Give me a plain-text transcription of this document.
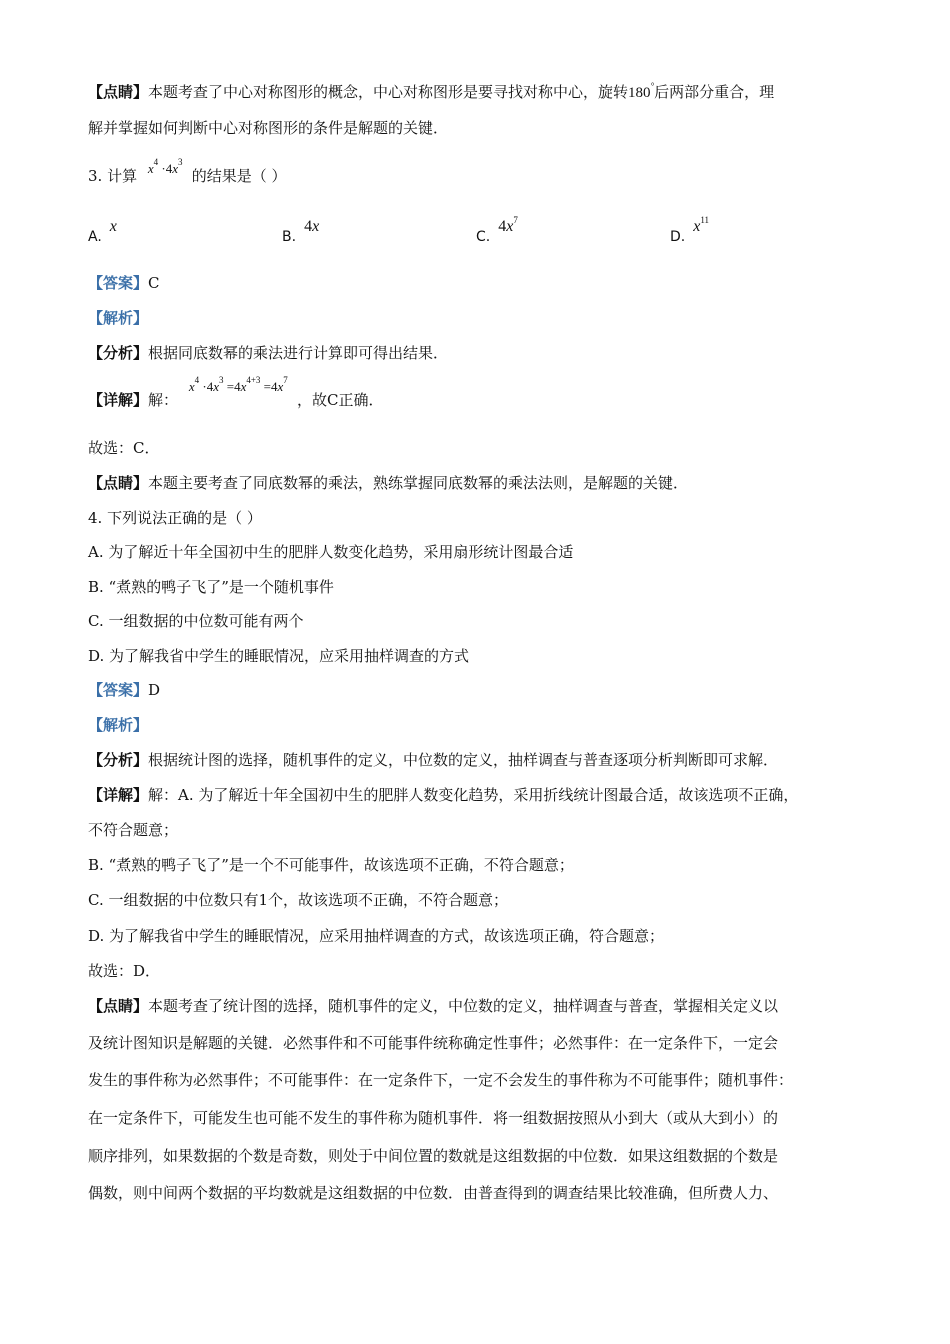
【点睛】本题考查了中心对称图形的概念，中心对称图形是要寻找对称中心，旋转180°后两部分重合，理
解并掌握如何判断中心对称图形的条件是解题的关键．
3. 计算 $x^4 \cdot 4x^3$ 的结果是（ ）
A.x
B.4x
$C.4x^7$
$D.x^{11}$
【答案】C
【解析】
【分析】根据同底数幂的乘法进行计算即可得出结果．
【详解】解： $x^4 \cdot 4x^3 =4x^{4+3} =4x^7$ ，故C正确．
故选：C．
【点睛】本题主要考查了同底数幂的乘法，熟练掌握同底数幂的乘法法则，是解题的关键．
4. 下列说法正确的是（ ）
A. 为了解近十年全国初中生的肥胖人数变化趋势，采用扇形统计图最合适
B. “煮熟的鸭子飞了”是一个随机事件
C. 一组数据的中位数可能有两个
D. 为了解我省中学生的睡眠情况，应采用抽样调查的方式
【答案】D
【解析】
【分析】根据统计图的选择，随机事件的定义，中位数的定义，抽样调查与普查逐项分析判断即可求解．
【详解】解：A. 为了解近十年全国初中生的肥胖人数变化趋势，采用折线统计图最合适，故该选项不正确，
不符合题意；
B. “煮熟的鸭子飞了”是一个不可能事件，故该选项不正确，不符合题意；
C. 一组数据的中位数只有1个，故该选项不正确，不符合题意；
D. 为了解我省中学生的睡眠情况，应采用抽样调查的方式，故该选项正确，符合题意；
故选：D．
【点睛】本题考查了统计图的选择，随机事件的定义，中位数的定义，抽样调查与普查，掌握相关定义以
及统计图知识是解题的关键．必然事件和不可能事件统称确定性事件；必然事件：在一定条件下，一定会
发生的事件称为必然事件；不可能事件：在一定条件下，一定不会发生的事件称为不可能事件；随机事件：
在一定条件下，可能发生也可能不发生的事件称为随机事件．将一组数据按照从小到大（或从大到小）的
顺序排列，如果数据的个数是奇数，则处于中间位置的数就是这组数据的中位数．如果这组数据的个数是
偶数，则中间两个数据的平均数就是这组数据的中位数．由普查得到的调查结果比较准确，但所费人力、
